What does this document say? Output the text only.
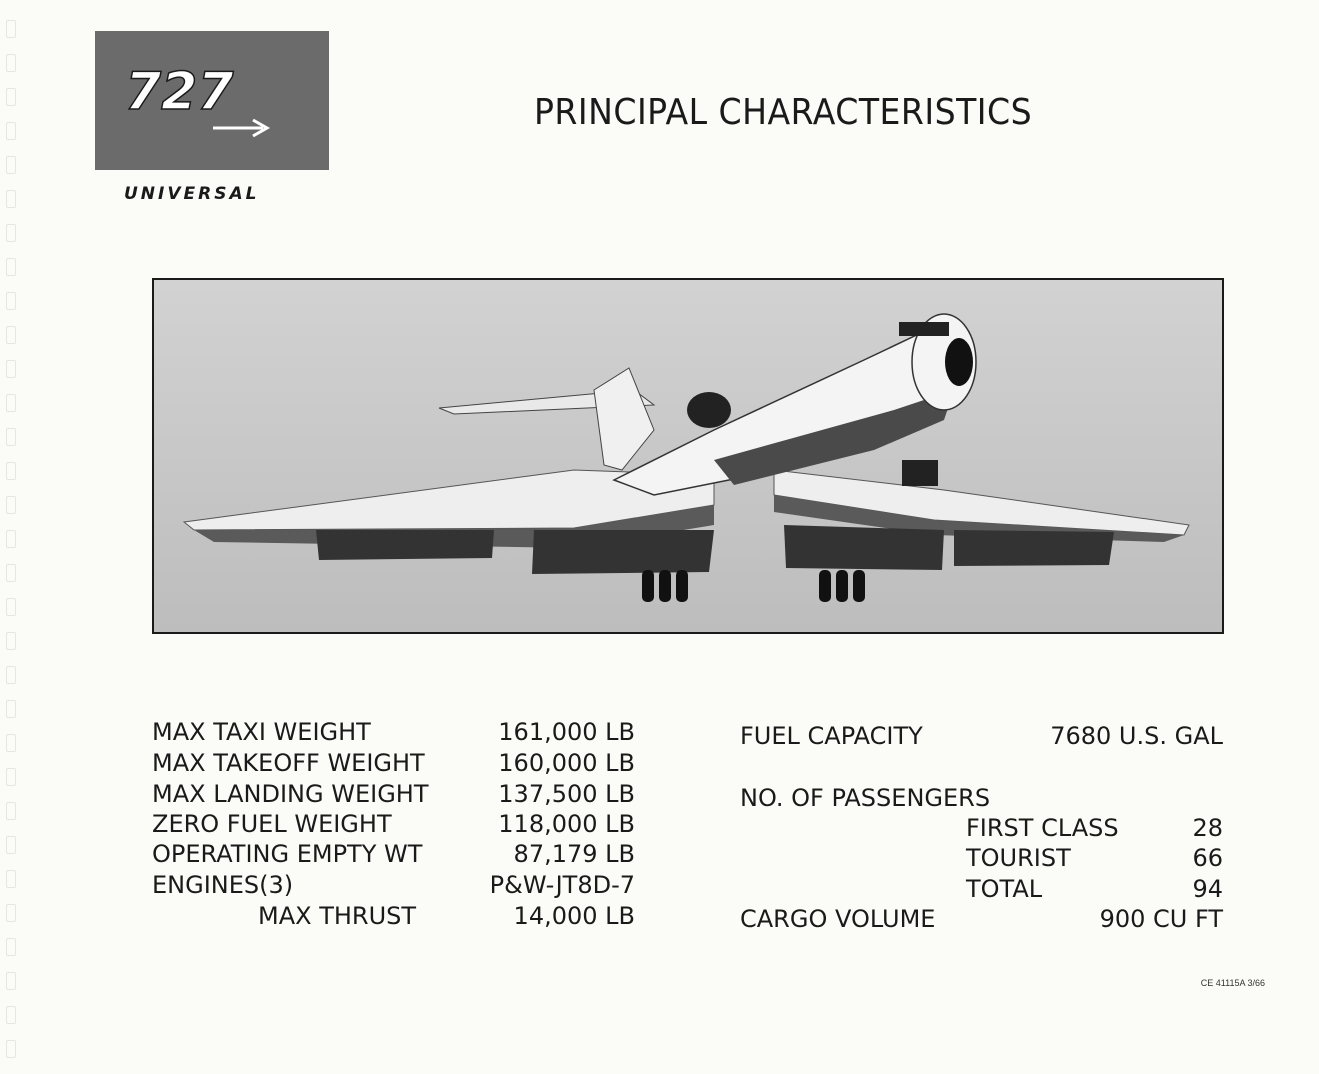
727
UNIVERSAL
PRINCIPAL CHARACTERISTICS
MAX TAXI WEIGHT	161,000 LB
MAX TAKEOFF WEIGHT	160,000 LB
MAX LANDING WEIGHT	137,500 LB
ZERO FUEL WEIGHT	118,000 LB
OPERATING EMPTY WT	87,179 LB
ENGINES(3)	P&W-JT8D-7
MAX THRUST	14,000 LB
FUEL CAPACITY	7680 U.S. GAL
NO. OF PASSENGERS
FIRST CLASS	28
TOURIST	66
TOTAL	94
CARGO VOLUME	900 CU FT
CE 41115A 3/66
